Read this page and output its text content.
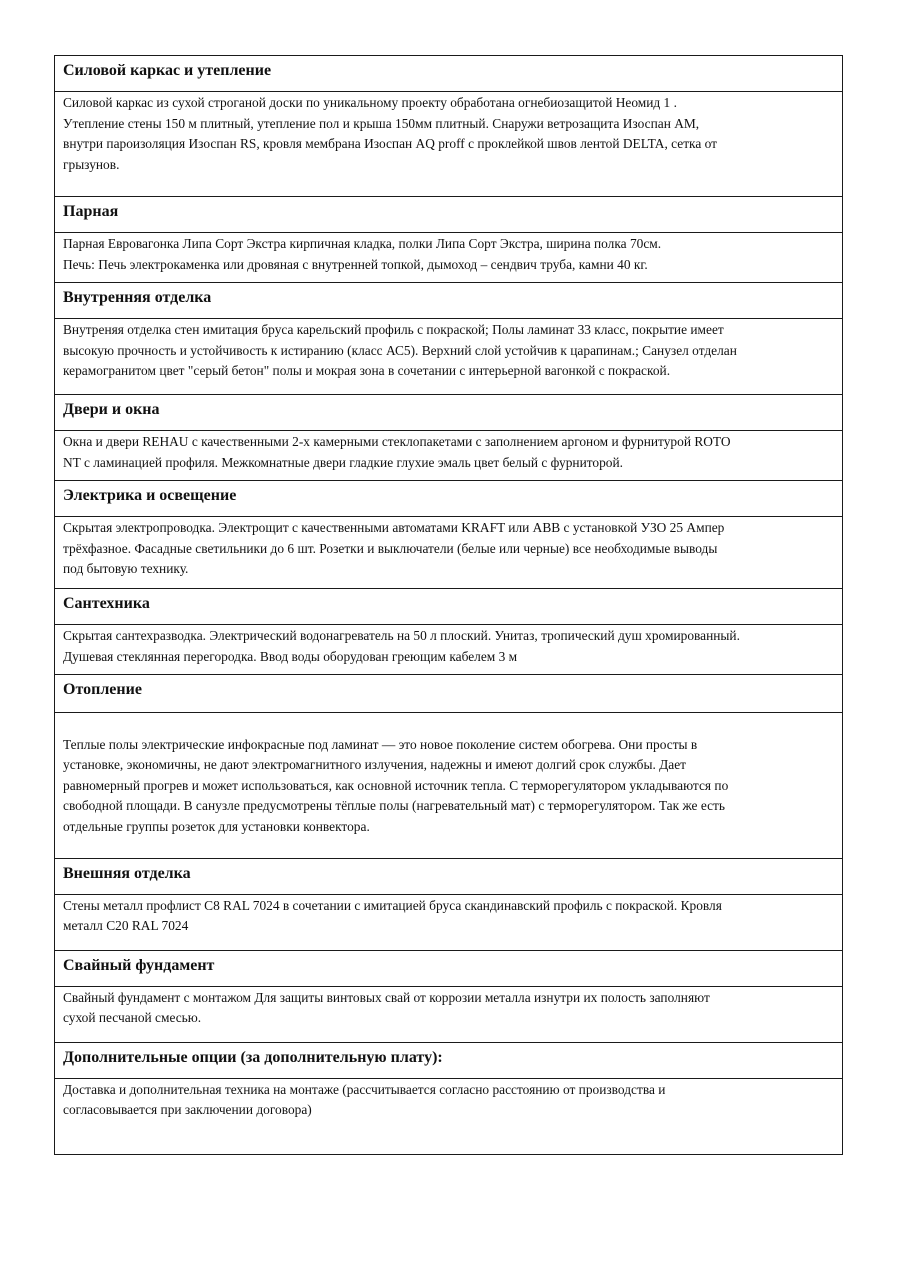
Силовой каркас и утепление

Силовой каркас из сухой строганой доски по уникальному проекту обработана огнебиозащитой Неомид 1 .
Утепление стены 150 м плитный, утепление пол и крыша 150мм плитный. Снаружи ветрозащита Изоспан АМ,
внутри пароизоляция Изоспан RS, кровля мембрана Изоспан AQ proff с проклейкой швов лентой DELTA, сетка от
грызунов.

Парная

Парная Евровагонка Липа Сорт Экстра кирпичная кладка, полки Липа Сорт Экстра, ширина полка 70см.
Печь: Печь электрокаменка или дровяная с внутренней топкой, дымоход – сендвич труба, камни 40 кг.

Внутренняя отделка

Внутреняя отделка стен имитация бруса карельский профиль с покраской; Полы ламинат 33 класс, покрытие имеет
высокую прочность и устойчивость к истиранию (класс АС5). Верхний слой устойчив к царапинам.; Санузел отделан
керамогранитом цвет "серый бетон" полы и мокрая зона в сочетании с интерьерной вагонкой с покраской.

Двери и окна

Окна и двери REHAU с качественными 2-х камерными стеклопакетами с заполнением аргоном и фурнитурой ROTO
NT с ламинацией профиля. Межкомнатные двери гладкие глухие эмаль цвет белый с фурниторой.

Электрика и освещение

Скрытая электропроводка. Электрощит с качественными автоматами KRAFT или ABB с установкой УЗО 25 Ампер
трёхфазное. Фасадные светильники до 6 шт. Розетки и выключатели (белые или черные) все необходимые выводы
под бытовую технику.

Сантехника

Скрытая сантехразводка. Электрический водонагреватель на 50 л плоский. Унитаз, тропический душ хромированный.
Душевая стеклянная перегородка. Ввод воды оборудован греющим кабелем 3 м

Отопление

Теплые полы электрические инфокрасные под ламинат — это новое поколение систем обогрева. Они просты в
установке, экономичны, не дают электромагнитного излучения, надежны и имеют долгий срок службы. Дает
равномерный прогрев и может использоваться, как основной источник тепла. С терморегулятором укладываются по
свободной площади. В санузле предусмотрены тёплые полы (нагревательный мат) с терморегулятором. Так же есть
отдельные группы розеток для установки конвектора.

Внешняя отделка

Стены металл профлист С8 RAL 7024 в сочетании с имитацией бруса скандинавский профиль с покраской. Кровля
металл С20 RAL 7024

Свайный фундамент

Свайный фундамент с монтажом Для защиты винтовых свай от коррозии металла изнутри их полость заполняют
сухой песчаной смесью.

Дополнительные опции (за дополнительную плату):

Доставка и дополнительная техника на монтаже (рассчитывается согласно расстоянию от производства и
согласовывается при заключении договора)
